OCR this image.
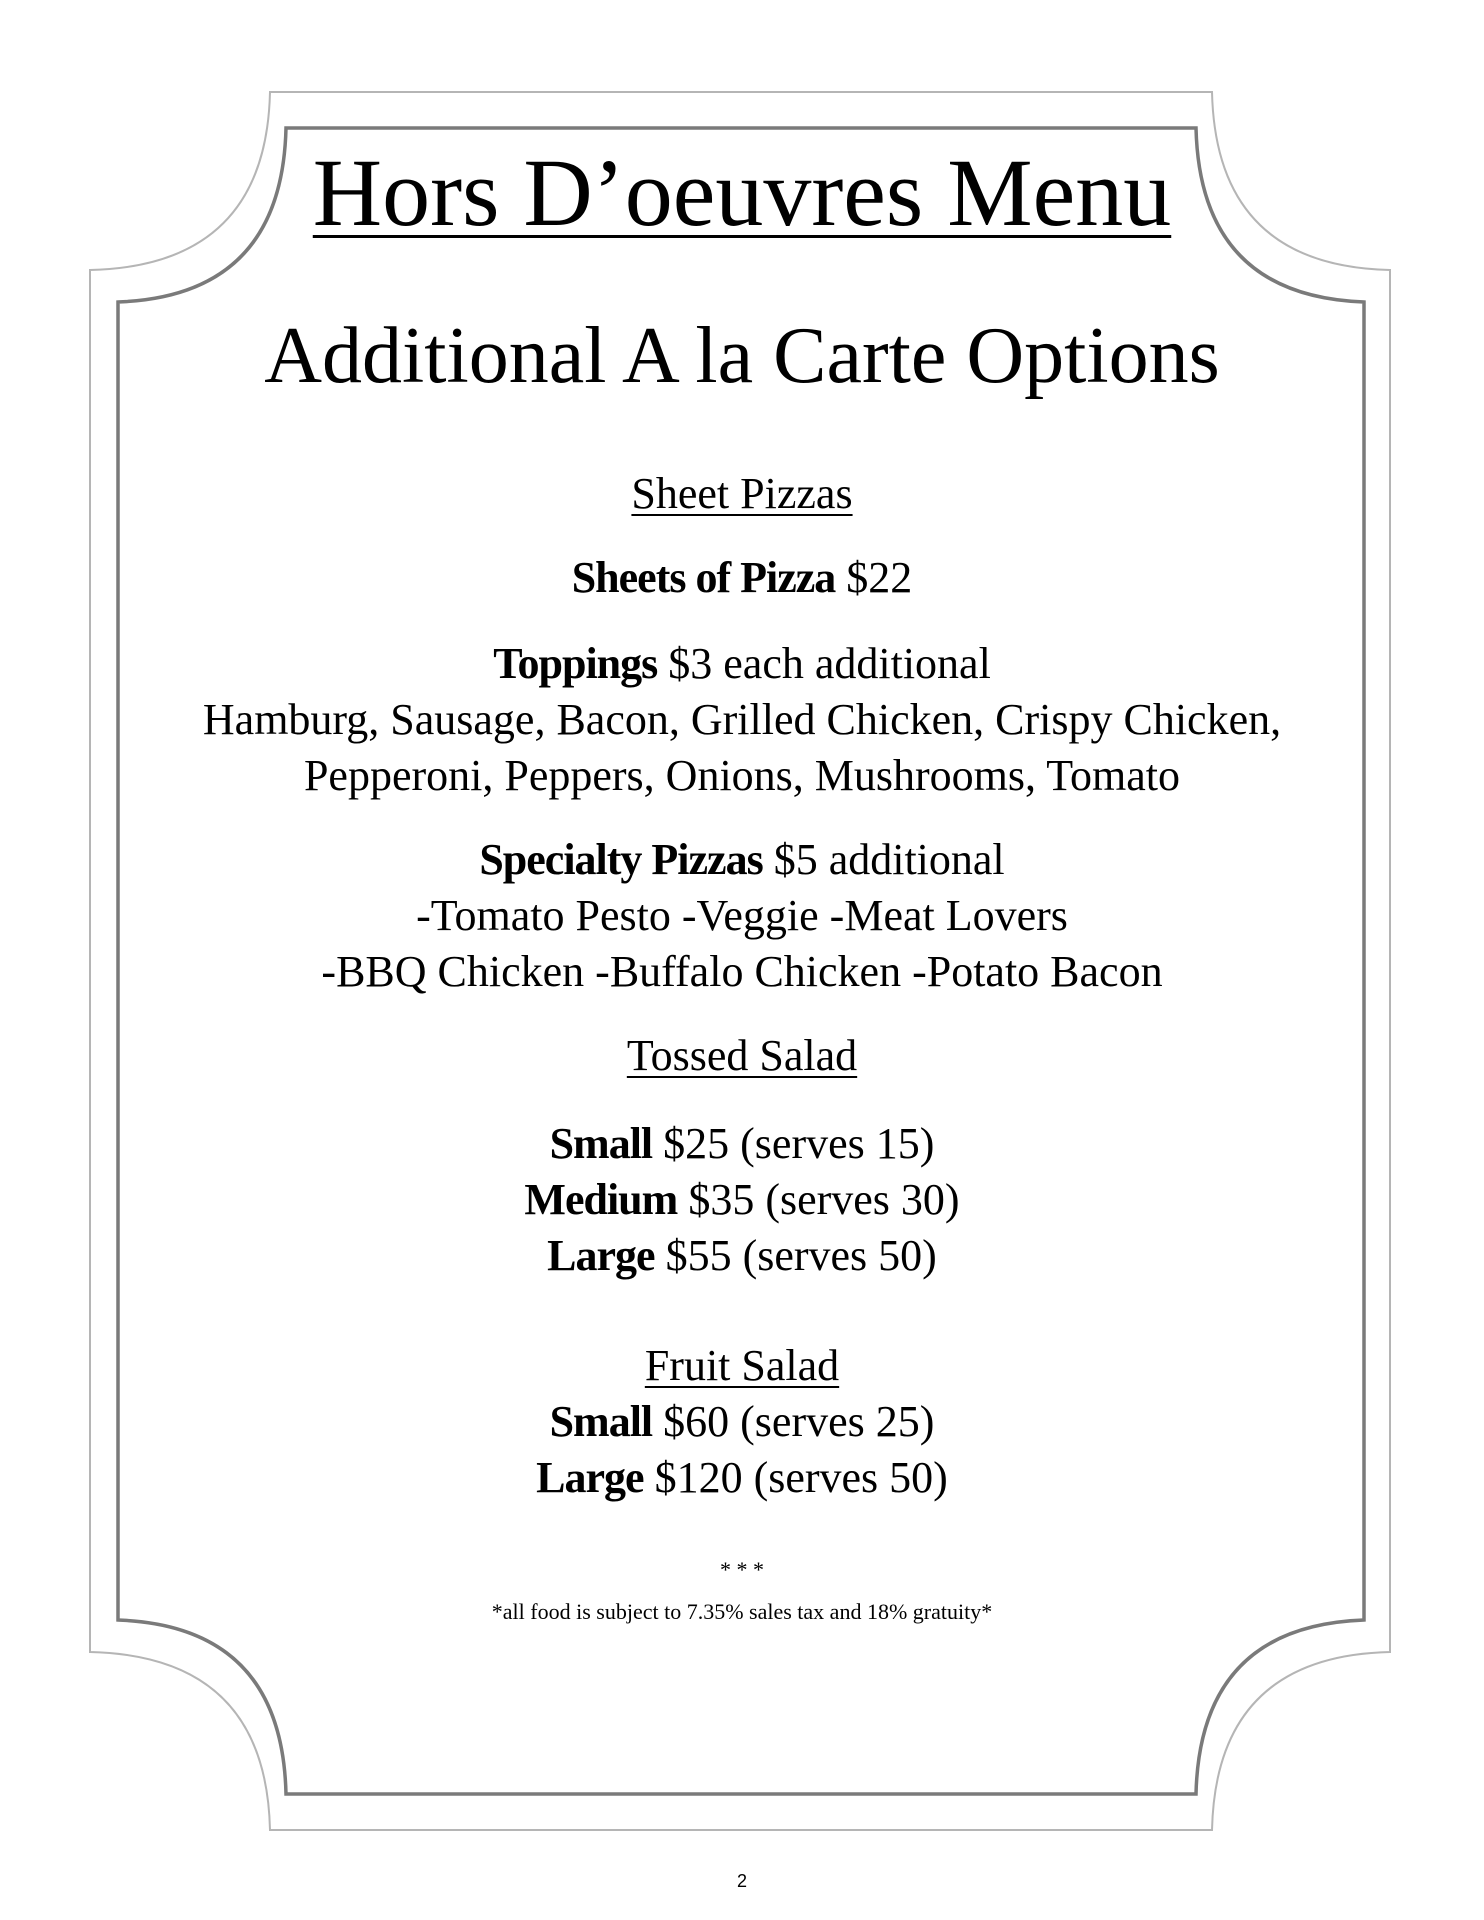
Hors D’oeuvres Menu
Additional A la Carte Options
Sheet Pizzas
Sheets of Pizza $22
Toppings $3 each additional
Hamburg, Sausage, Bacon, Grilled Chicken, Crispy Chicken,
Pepperoni, Peppers, Onions, Mushrooms, Tomato
Specialty Pizzas $5 additional
-Tomato Pesto -Veggie -Meat Lovers
-BBQ Chicken -Buffalo Chicken -Potato Bacon
Tossed Salad
Small $25 (serves 15)
Medium $35 (serves 30)
Large $55 (serves 50)
Fruit Salad
Small $60 (serves 25)
Large $120 (serves 50)
* * *
*all food is subject to 7.35% sales tax and 18% gratuity*
2
